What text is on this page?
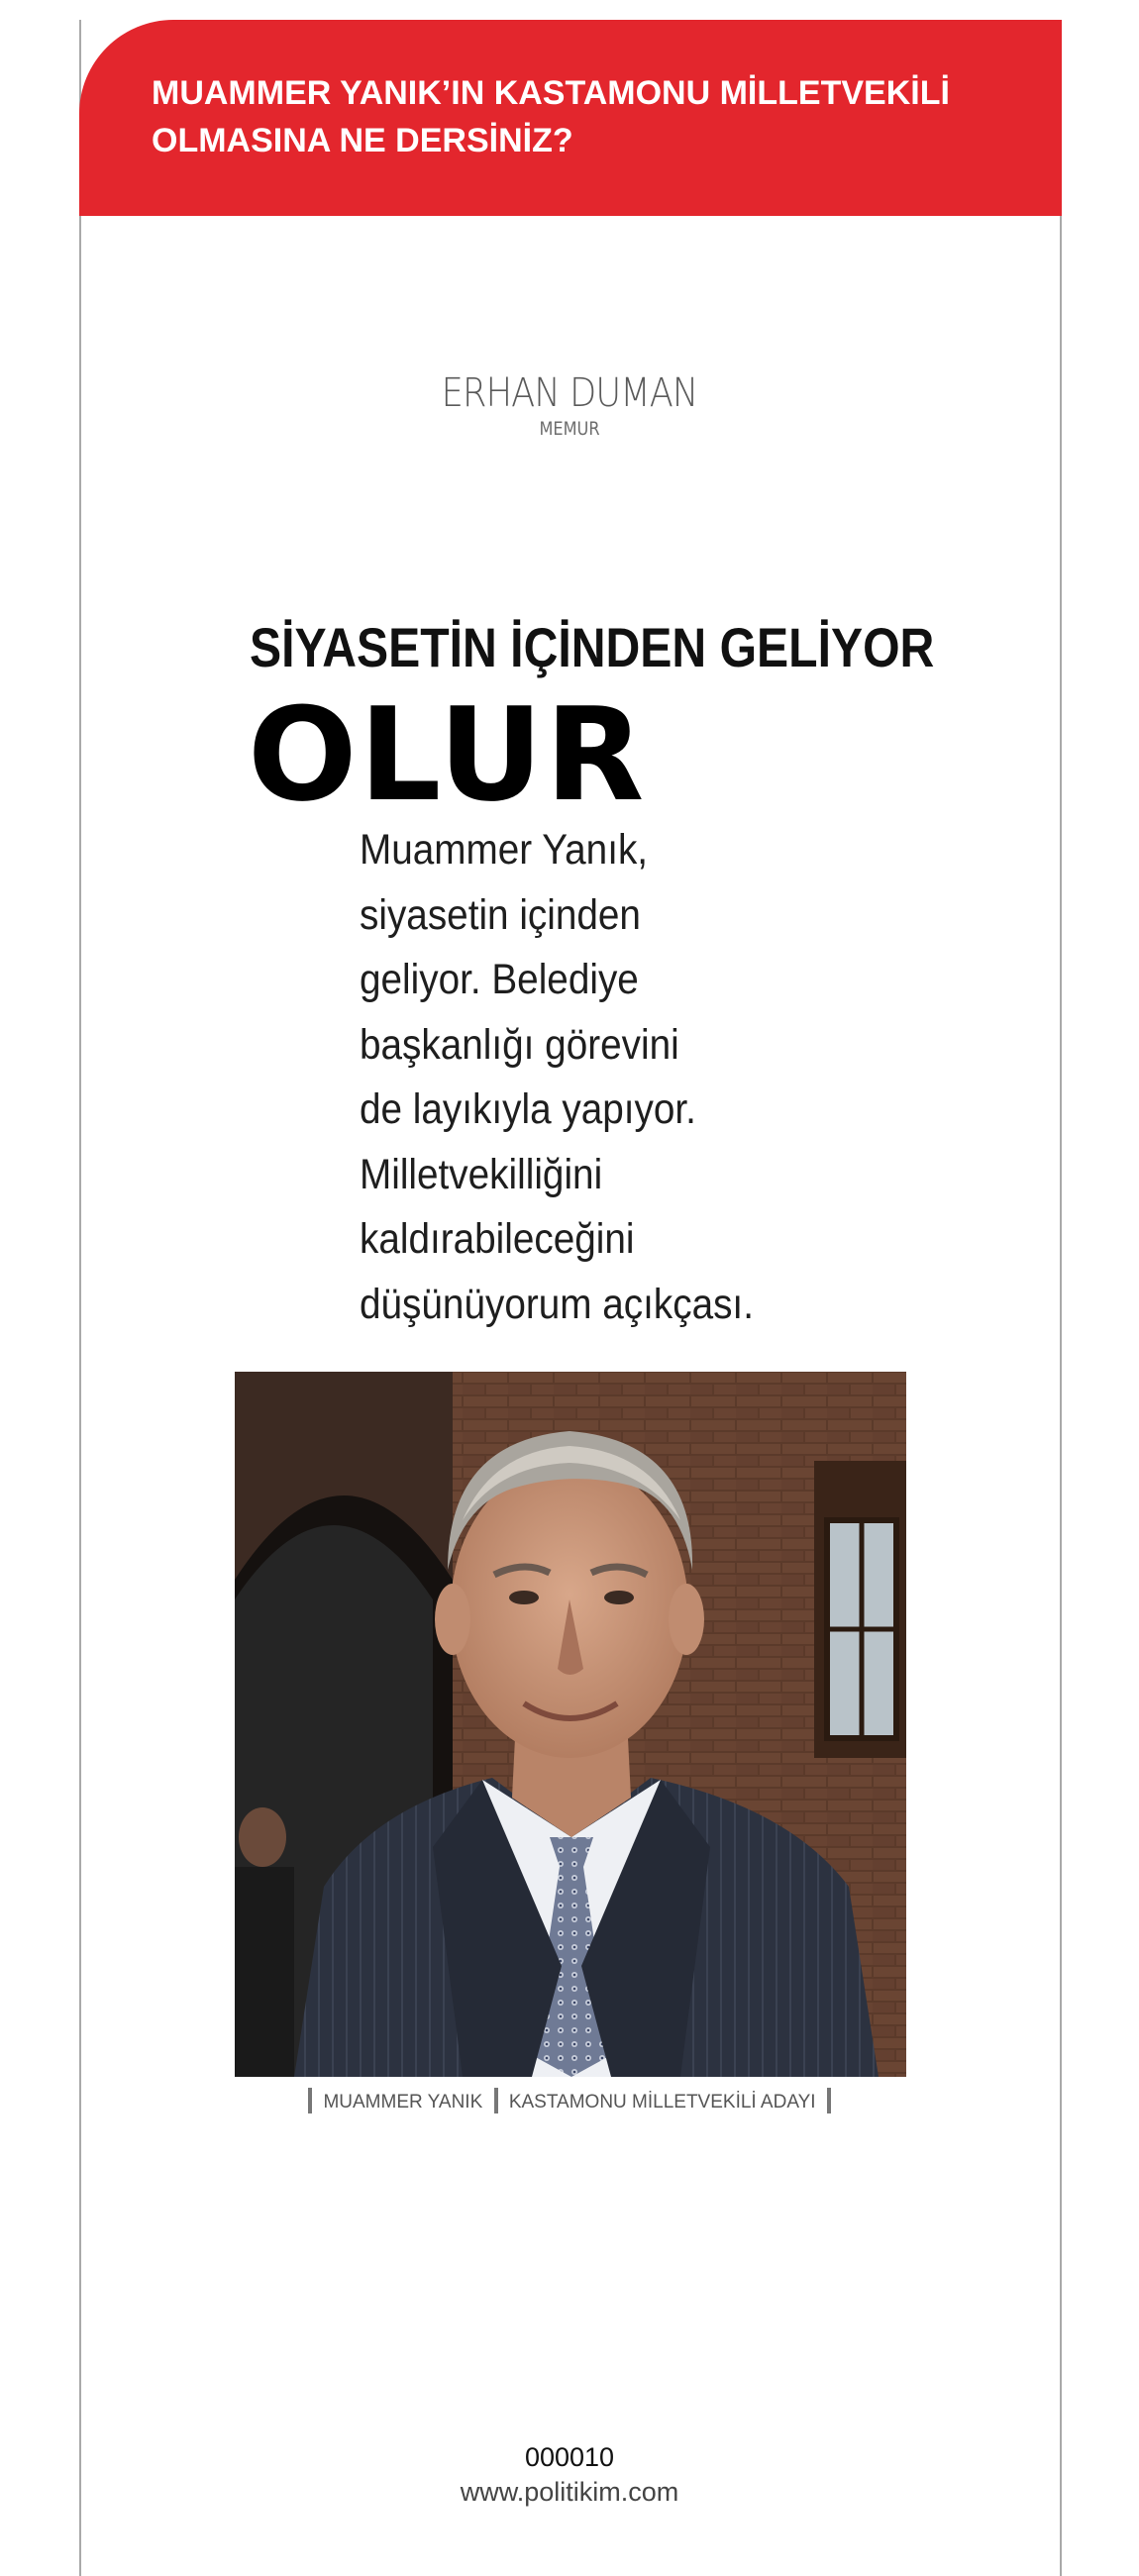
MUAMMER YANIK’IN KASTAMONU MİLLETVEKİLİ
OLMASINA NE DERSİNİZ?
ERHAN DUMAN
MEMUR
SİYASETİN İÇİNDEN GELİYOR
OLUR
Muammer Yanık,
siyasetin içinden
geliyor. Belediye
başkanlığı görevini
de layıkıyla yapıyor.
Milletvekilliğini
kaldırabileceğini
düşünüyorum açıkçası.
MUAMMER YANIK KASTAMONU MİLLETVEKİLİ ADAYI
000010
www.politikim.com
